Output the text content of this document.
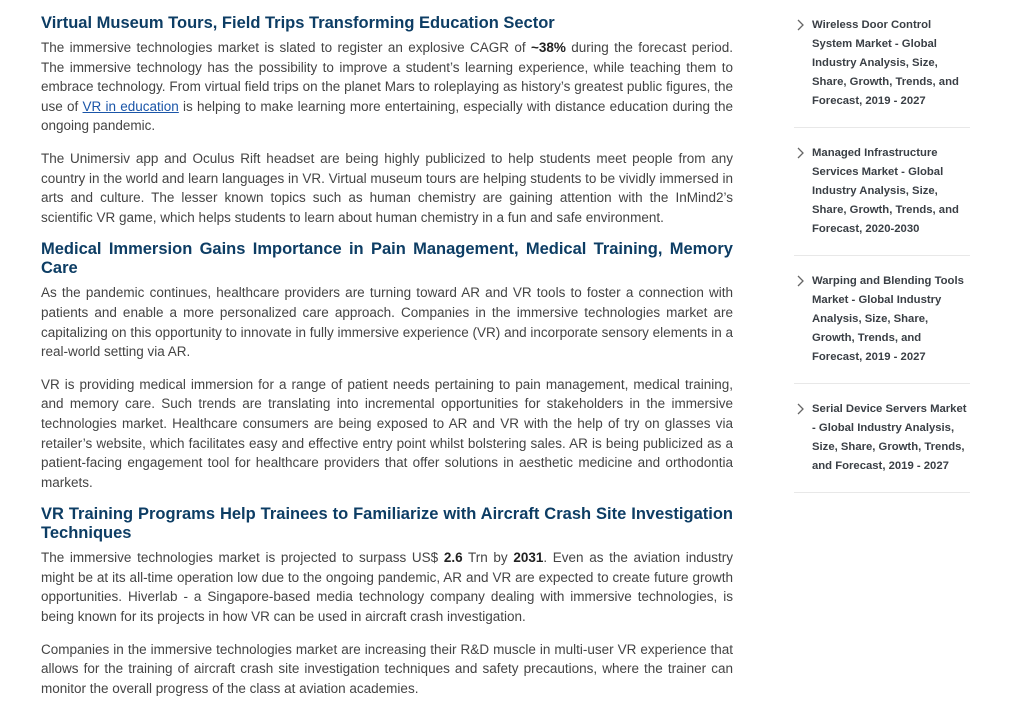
Virtual Museum Tours, Field Trips Transforming Education Sector

The immersive technologies market is slated to register an explosive CAGR of ~38% during the forecast period. The immersive technology has the possibility to improve a student’s learning experience, while teaching them to embrace technology. From virtual field trips on the planet Mars to roleplaying as history’s greatest public figures, the use of VR in education is helping to make learning more entertaining, especially with distance education during the ongoing pandemic.

The Unimersiv app and Oculus Rift headset are being highly publicized to help students meet people from any country in the world and learn languages in VR. Virtual museum tours are helping students to be vividly immersed in arts and culture. The lesser known topics such as human chemistry are gaining attention with the InMind2’s scientific VR game, which helps students to learn about human chemistry in a fun and safe environment.

Medical Immersion Gains Importance in Pain Management, Medical Training, Memory Care

As the pandemic continues, healthcare providers are turning toward AR and VR tools to foster a connection with patients and enable a more personalized care approach. Companies in the immersive technologies market are capitalizing on this opportunity to innovate in fully immersive experience (VR) and incorporate sensory elements in a real-world setting via AR.

VR is providing medical immersion for a range of patient needs pertaining to pain management, medical training, and memory care. Such trends are translating into incremental opportunities for stakeholders in the immersive technologies market. Healthcare consumers are being exposed to AR and VR with the help of try on glasses via retailer’s website, which facilitates easy and effective entry point whilst bolstering sales. AR is being publicized as a patient-facing engagement tool for healthcare providers that offer solutions in aesthetic medicine and orthodontia markets.

VR Training Programs Help Trainees to Familiarize with Aircraft Crash Site Investigation Techniques

The immersive technologies market is projected to surpass US$ 2.6 Trn by 2031. Even as the aviation industry might be at its all-time operation low due to the ongoing pandemic, AR and VR are expected to create future growth opportunities. Hiverlab - a Singapore-based media technology company dealing with immersive technologies, is being known for its projects in how VR can be used in aircraft crash investigation.

Companies in the immersive technologies market are increasing their R&D muscle in multi-user VR experience that allows for the training of aircraft crash site investigation techniques and safety precautions, where the trainer can monitor the overall progress of the class at aviation academies.

Wireless Door Control System Market - Global Industry Analysis, Size, Share, Growth, Trends, and Forecast, 2019 - 2027
Managed Infrastructure Services Market - Global Industry Analysis, Size, Share, Growth, Trends, and Forecast, 2020-2030
Warping and Blending Tools Market - Global Industry Analysis, Size, Share, Growth, Trends, and Forecast, 2019 - 2027
Serial Device Servers Market - Global Industry Analysis, Size, Share, Growth, Trends, and Forecast, 2019 - 2027
